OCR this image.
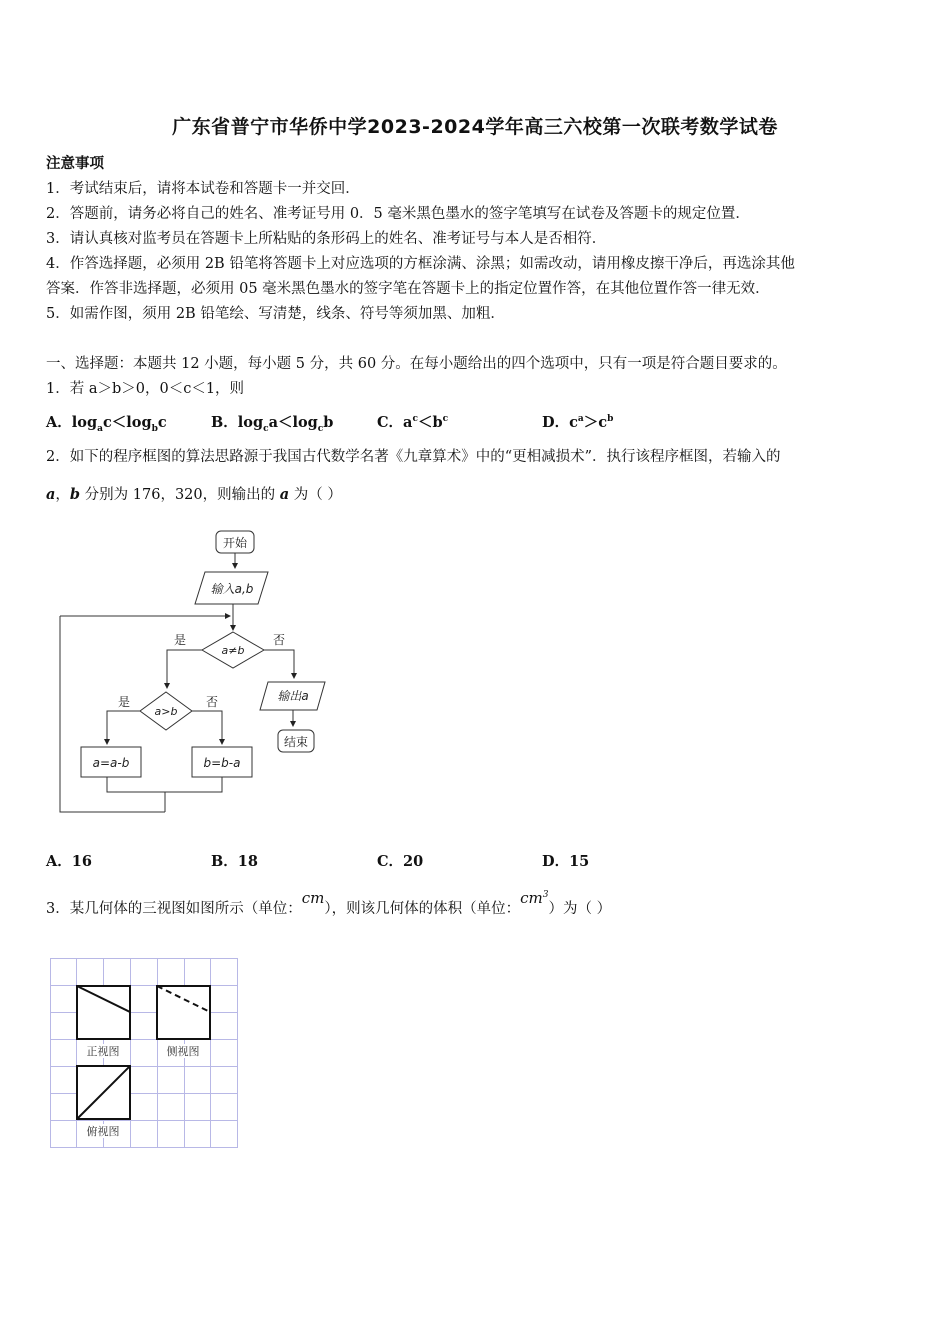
广东省普宁市华侨中学2023-2024学年高三六校第一次联考数学试卷
注意事项
1．考试结束后，请将本试卷和答题卡一并交回．
2．答题前，请务必将自己的姓名、准考证号用 0．5 毫米黑色墨水的签字笔填写在试卷及答题卡的规定位置．
3．请认真核对监考员在答题卡上所粘贴的条形码上的姓名、准考证号与本人是否相符．
4．作答选择题，必须用 2B 铅笔将答题卡上对应选项的方框涂满、涂黑；如需改动，请用橡皮擦干净后，再选涂其他
答案．作答非选择题，必须用 05 毫米黑色墨水的签字笔在答题卡上的指定位置作答，在其他位置作答一律无效．
5．如需作图，须用 2B 铅笔绘、写清楚，线条、符号等须加黑、加粗．
一、选择题：本题共 12 小题，每小题 5 分，共 60 分。在每小题给出的四个选项中，只有一项是符合题目要求的。
1．若 a＞b＞0，0＜c＜1，则
A．$\log_ac<\log_bc$	B．$\log_ca<\log_cb$	C．$a^c<b^c$	D．$c^a>c^b$
2．如下的程序框图的算法思路源于我国古代数学名著《九章算术》中的“更相减损术”．执行该程序框图，若输入的
a，b 分别为 176，320，则输出的 a 为（ ）
开始
输入a,b
a≠b
是	否
输出a
结束
a>b
是	否
a=a-b	b=b-a
A．16	B．18	C．20	D．15
3．某几何体的三视图如图所示（单位：cm），则该几何体的体积（单位：$cm^3$）为（ ）
正视图	侧视图
俯视图
